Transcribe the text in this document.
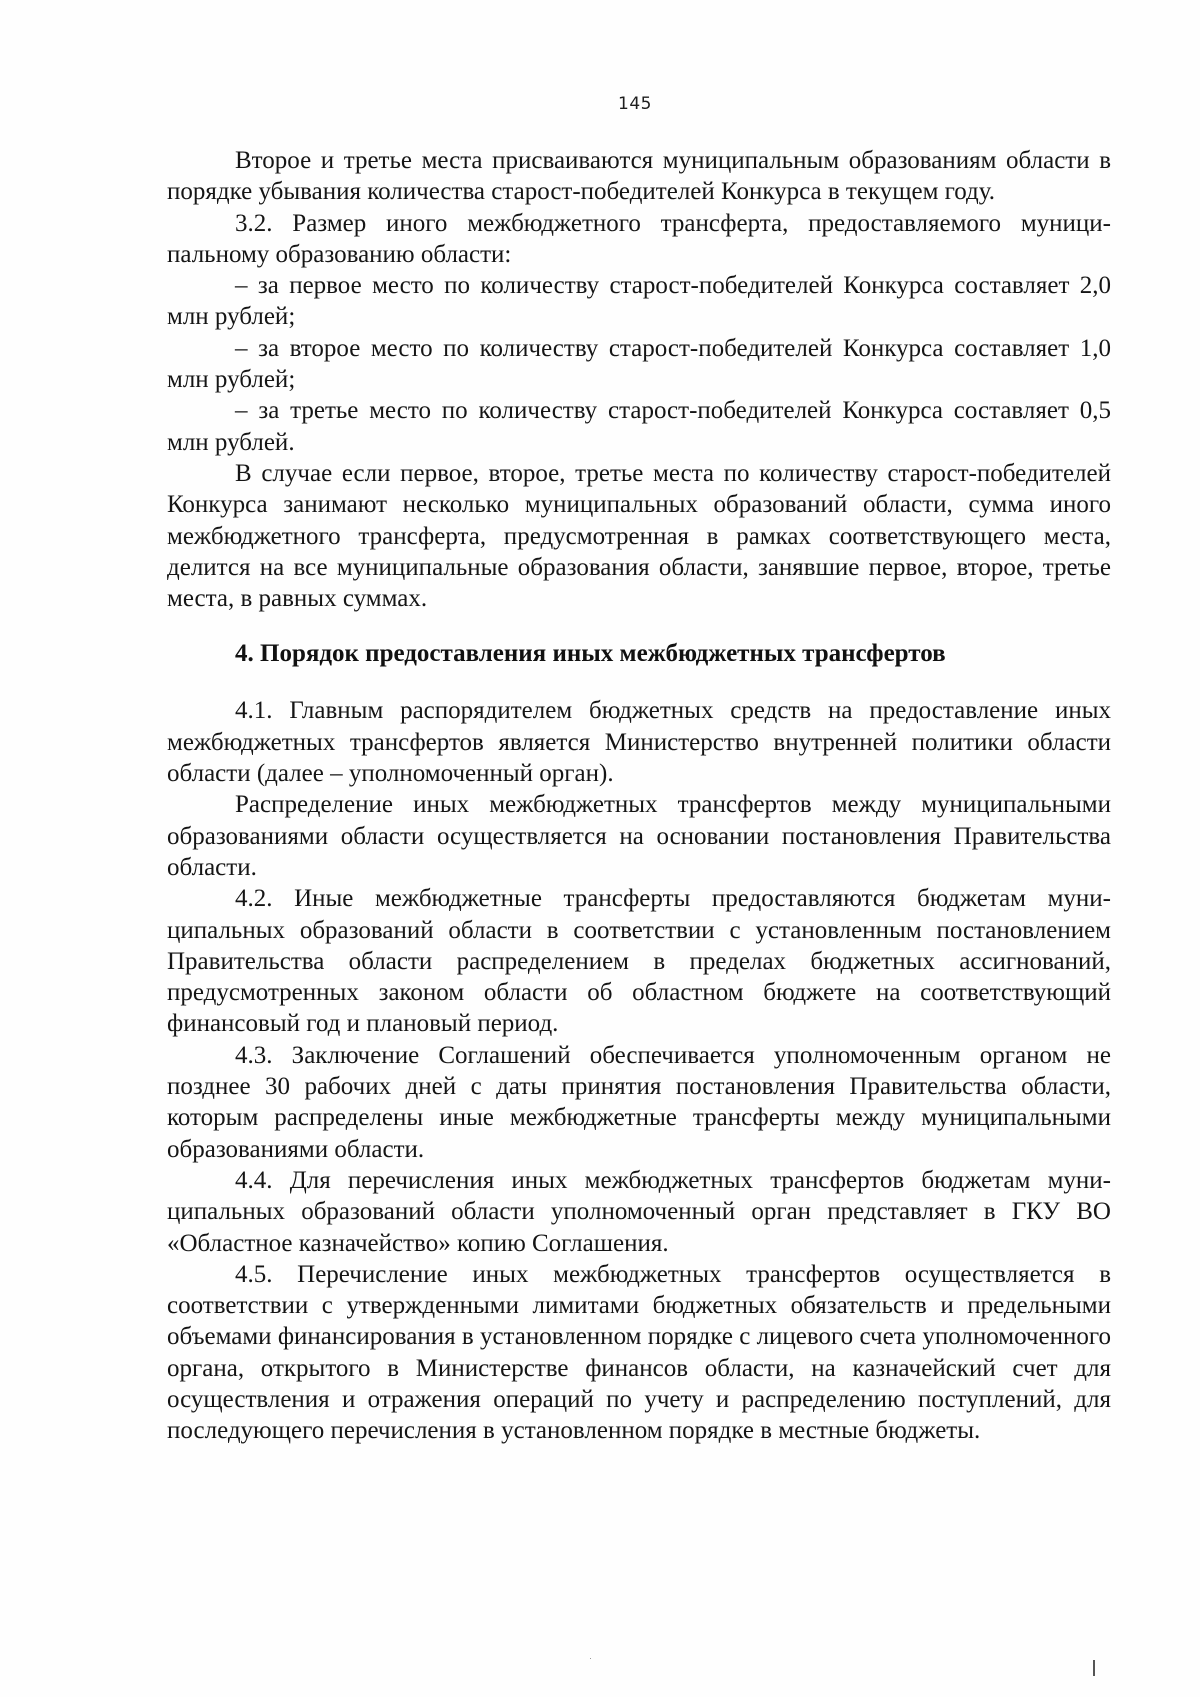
145

Второе и третье места присваиваются муниципальным образованиям области в порядке убывания количества старост-победителей Конкурса в текущем году.

3.2. Размер иного межбюджетного трансферта, предоставляемого муниципальному образованию области:

– за первое место по количеству старост-победителей Конкурса составляет 2,0 млн рублей;

– за второе место по количеству старост-победителей Конкурса составляет 1,0 млн рублей;

– за третье место по количеству старост-победителей Конкурса составляет 0,5 млн рублей.

В случае если первое, второе, третье места по количеству старост-победителей Конкурса занимают несколько муниципальных образований области, сумма иного межбюджетного трансферта, предусмотренная в рамках соответствующего места, делится на все муниципальные образования области, занявшие первое, второе, третье места, в равных суммах.

4. Порядок предоставления иных межбюджетных трансфертов

4.1. Главным распорядителем бюджетных средств на предоставление иных межбюджетных трансфертов является Министерство внутренней политики области области (далее – уполномоченный орган).

Распределение иных межбюджетных трансфертов между муниципальными образованиями области осуществляется на основании постановления Правительства области.

4.2. Иные межбюджетные трансферты предоставляются бюджетам муниципальных образований области в соответствии с установленным постановлением Правительства области распределением в пределах бюджетных ассигнований, предусмотренных законом области об областном бюджете на соответствующий финансовый год и плановый период.

4.3. Заключение Соглашений обеспечивается уполномоченным органом не позднее 30 рабочих дней с даты принятия постановления Правительства области, которым распределены иные межбюджетные трансферты между муниципальными образованиями области.

4.4. Для перечисления иных межбюджетных трансфертов бюджетам муниципальных образований области уполномоченный орган представляет в ГКУ ВО «Областное казначейство» копию Соглашения.

4.5. Перечисление иных межбюджетных трансфертов осуществляется в соответствии с утвержденными лимитами бюджетных обязательств и предельными объемами финансирования в установленном порядке с лицевого счета уполномоченного органа, открытого в Министерстве финансов области, на казначейский счет для осуществления и отражения операций по учету и распределению поступлений, для последующего перечисления в установленном порядке в местные бюджеты.
